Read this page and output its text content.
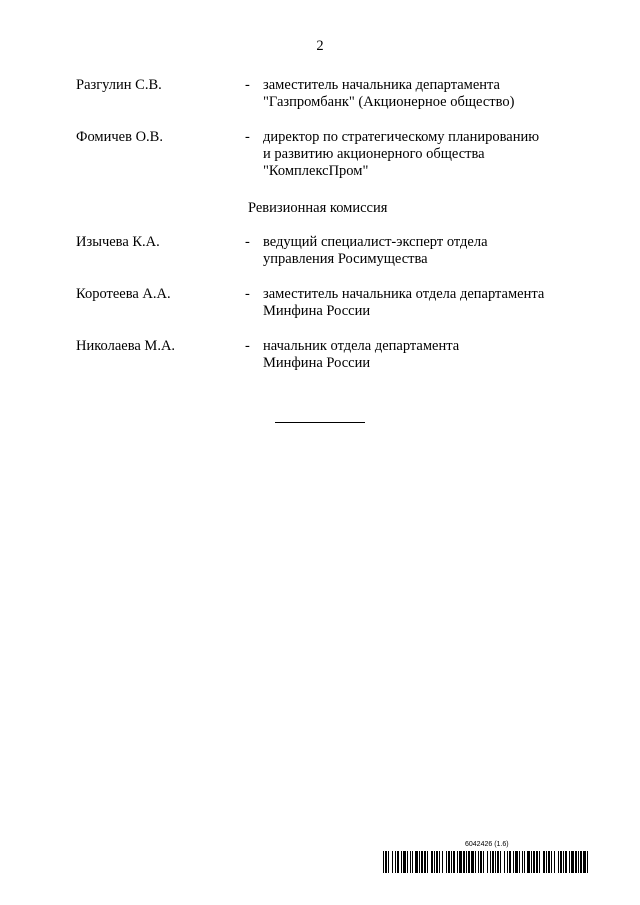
2
Разгулин С.В.	- заместитель начальника департамента
"Газпромбанк" (Акционерное общество)
Фомичев О.В.	- директор по стратегическому планированию
и развитию акционерного общества
"КомплексПром"
Ревизионная комиссия
Изычева К.А.	- ведущий специалист-эксперт отдела
управления Росимущества
Коротеева А.А.	- заместитель начальника отдела департамента
Минфина России
Николаева М.А.	- начальник отдела департамента
Минфина России
6042426 (1.6)
